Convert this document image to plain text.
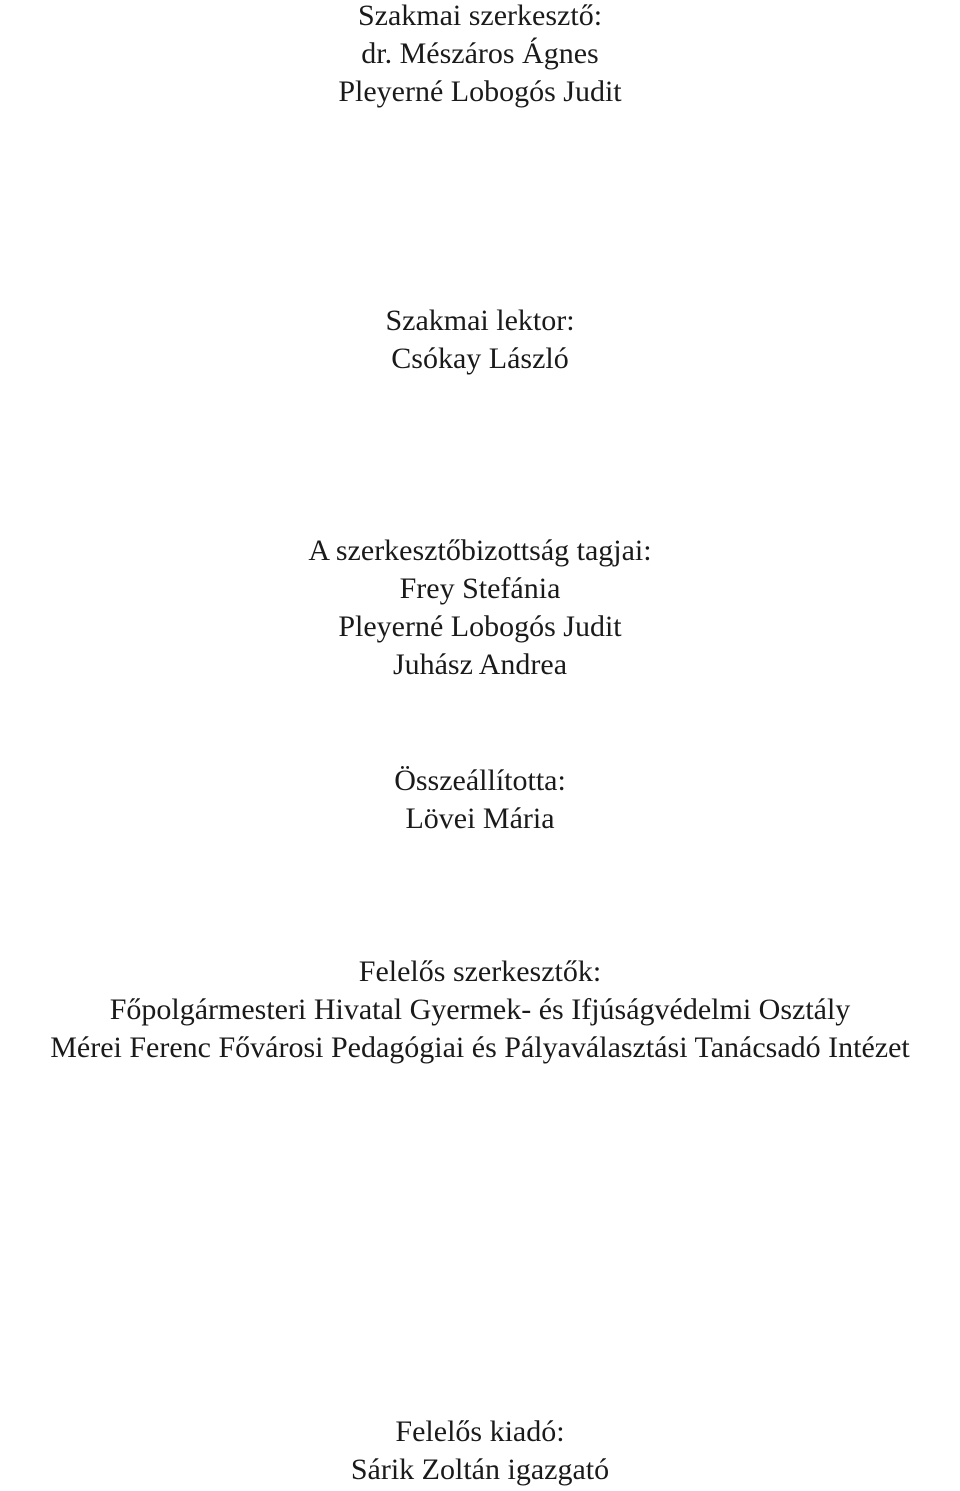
Szakmai szerkesztő:
dr. Mészáros Ágnes
Pleyerné Lobogós Judit
Szakmai lektor:
Csókay László
A szerkesztőbizottság tagjai:
Frey Stefánia
Pleyerné Lobogós Judit
Juhász Andrea
Összeállította:
Lövei Mária
Felelős szerkesztők:
Főpolgármesteri Hivatal Gyermek- és Ifjúságvédelmi Osztály
Mérei Ferenc Fővárosi Pedagógiai és Pályaválasztási Tanácsadó Intézet
Felelős kiadó:
Sárik Zoltán igazgató
